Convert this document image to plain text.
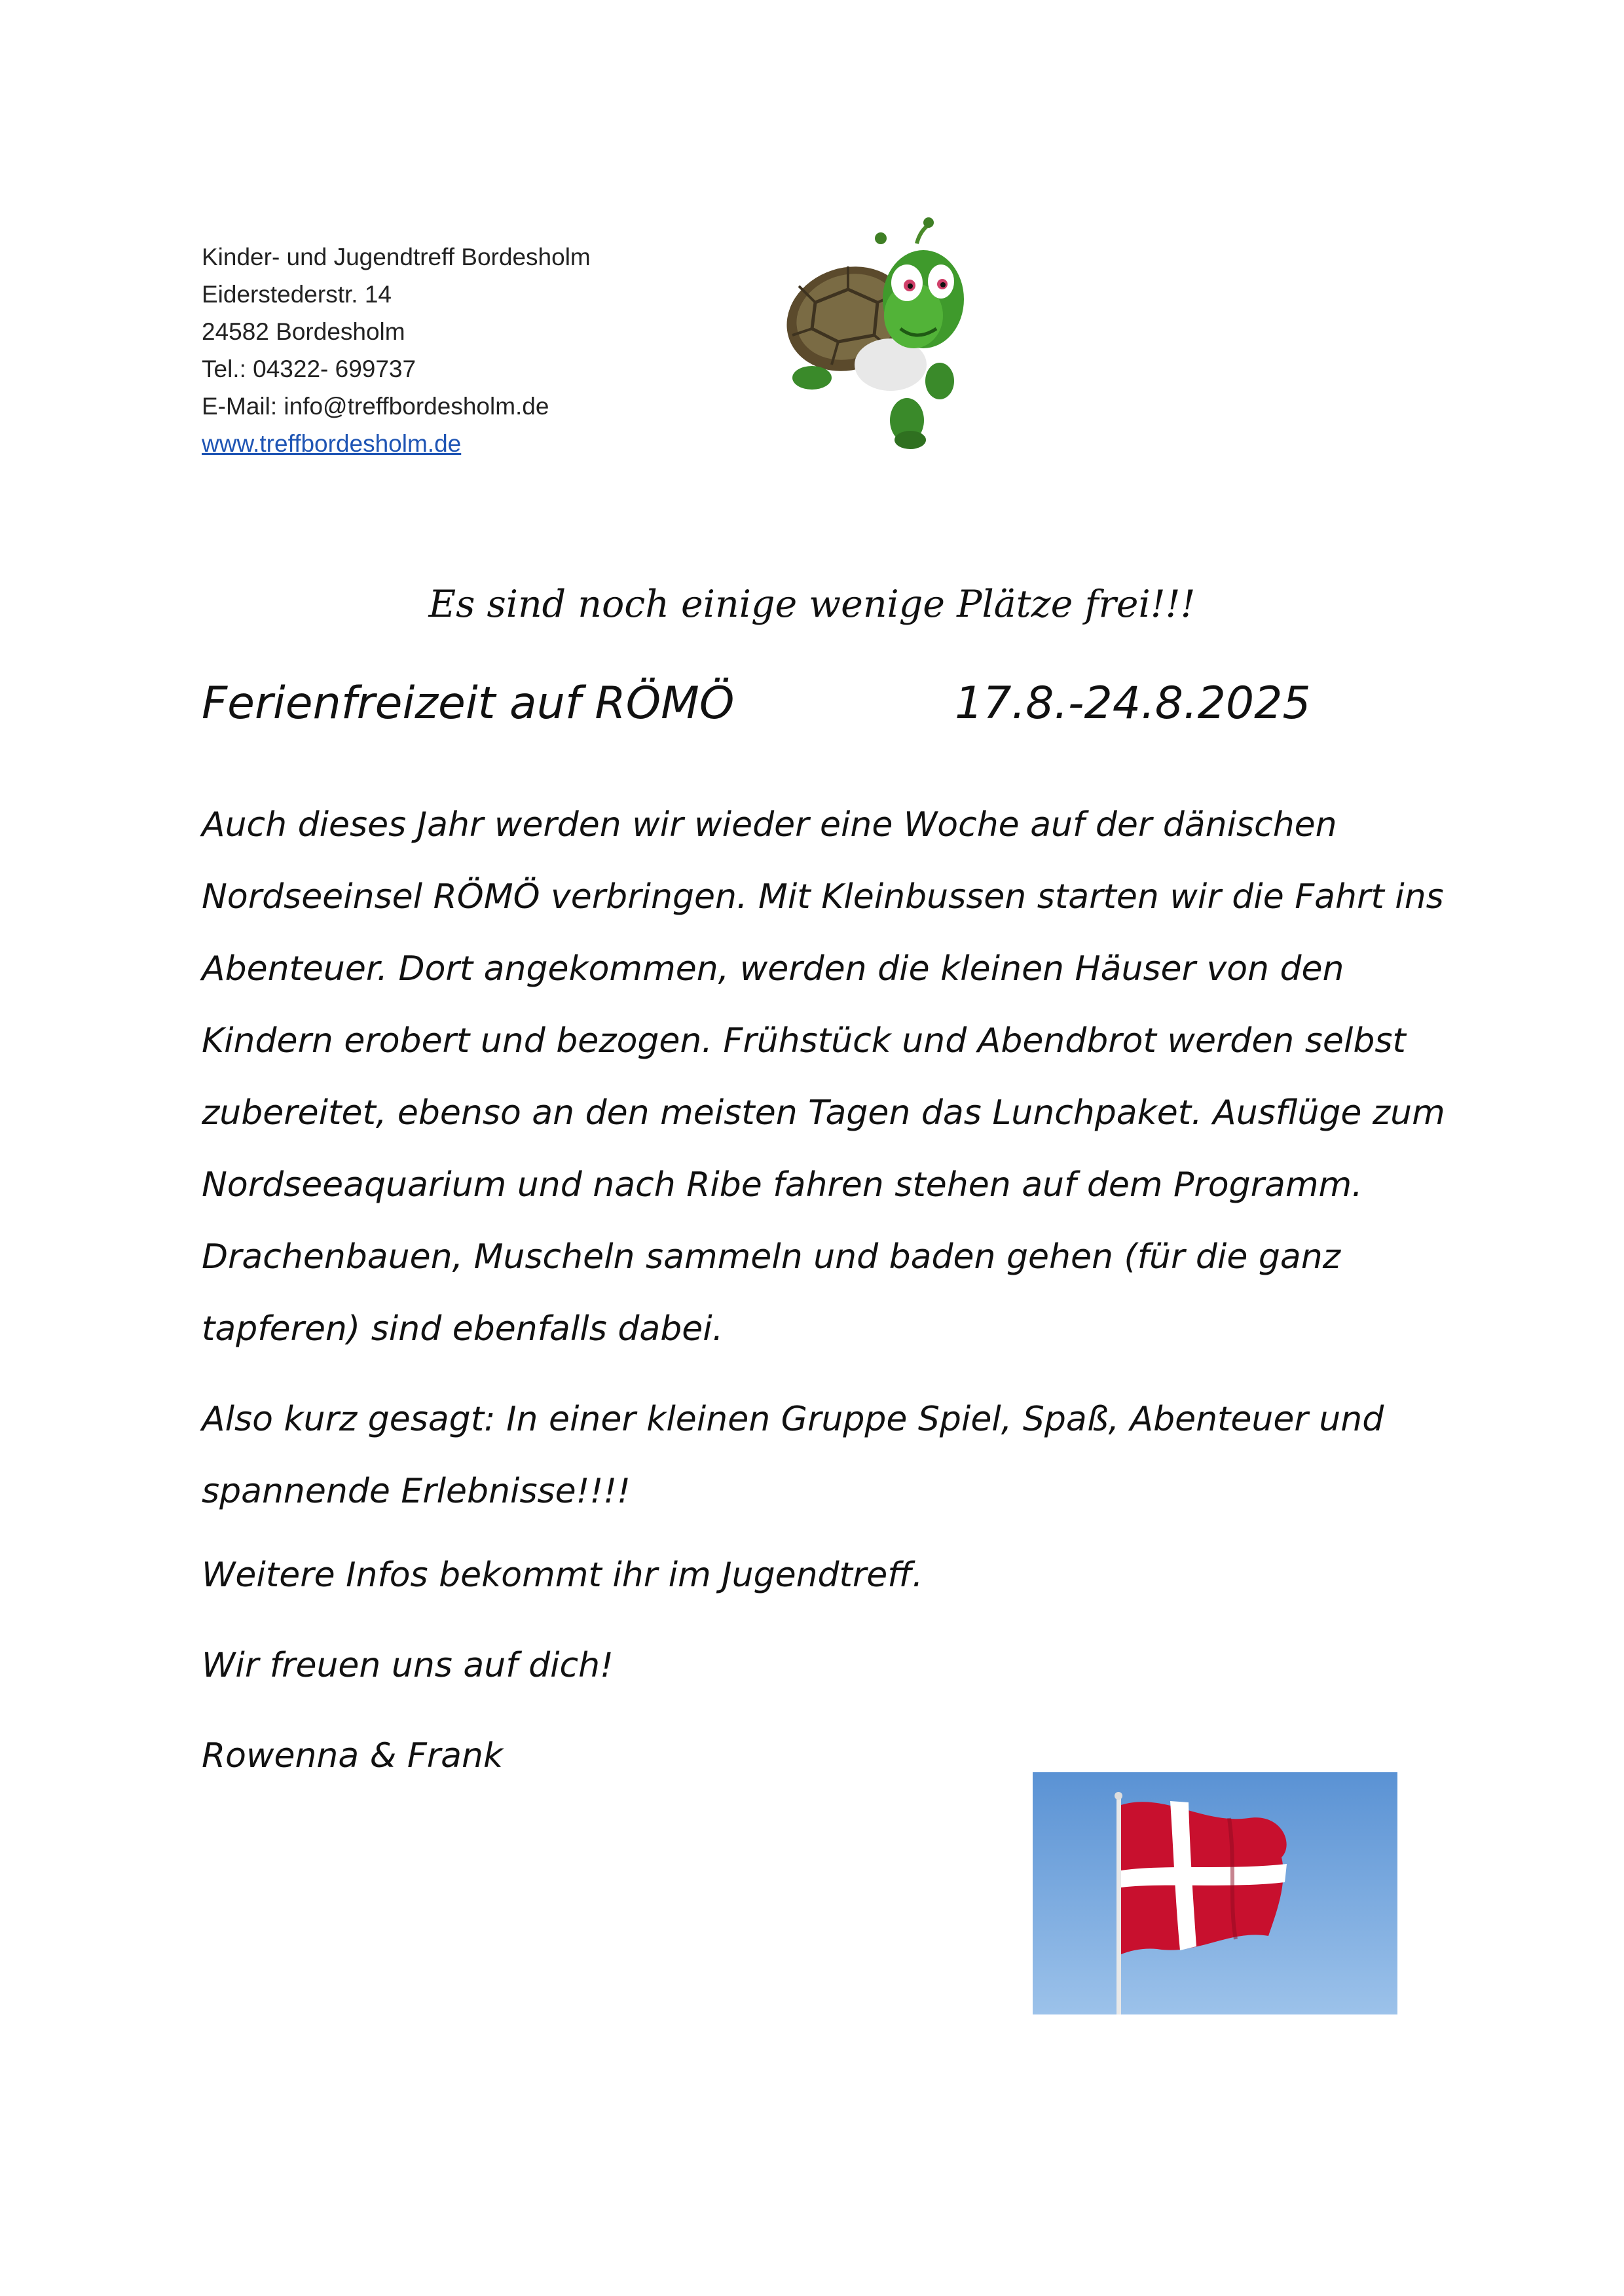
Kinder- und Jugendtreff Bordesholm
Eiderstederstr. 14
24582 Bordesholm
Tel.: 04322- 699737
E-Mail: info@treffbordesholm.de
www.treffbordesholm.de
Es sind noch einige wenige Plätze frei!!!
Ferienfreizeit auf RÖMÖ	17.8.-24.8.2025

Auch dieses Jahr werden wir wieder eine Woche auf der dänischen Nordseeinsel RÖMÖ verbringen. Mit Kleinbussen starten wir die Fahrt ins Abenteuer. Dort angekommen, werden die kleinen Häuser von den Kindern erobert und bezogen. Frühstück und Abendbrot werden selbst zubereitet, ebenso an den meisten Tagen das Lunchpaket. Ausflüge zum Nordseeaquarium und nach Ribe fahren stehen auf dem Programm. Drachenbauen, Muscheln sammeln und baden gehen (für die ganz tapferen) sind ebenfalls dabei.

Also kurz gesagt: In einer kleinen Gruppe Spiel, Spaß, Abenteuer und spannende Erlebnisse!!!!

Weitere Infos bekommt ihr im Jugendtreff.

Wir freuen uns auf dich!

Rowenna & Frank
